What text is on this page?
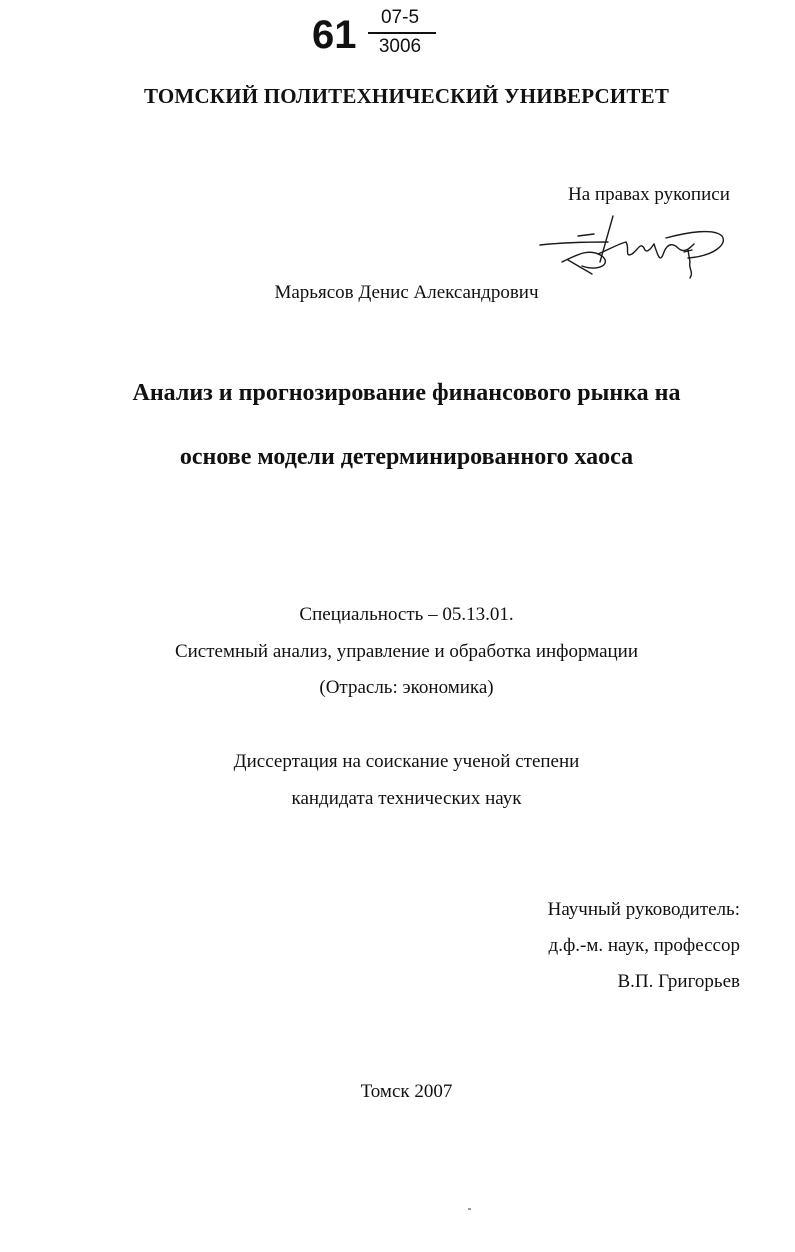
61	07-5
3006
ТОМСКИЙ ПОЛИТЕХНИЧЕСКИЙ УНИВЕРСИТЕТ
На правах рукописи
Марьясов Денис Александрович
Анализ и прогнозирование финансового рынка на
основе модели детерминированного хаоса
Специальность – 05.13.01.
Системный анализ, управление и обработка информации
(Отрасль: экономика)
Диссертация на соискание ученой степени
кандидата технических наук
Научный руководитель:
д.ф.-м. наук, профессор
В.П. Григорьев
Томск 2007
